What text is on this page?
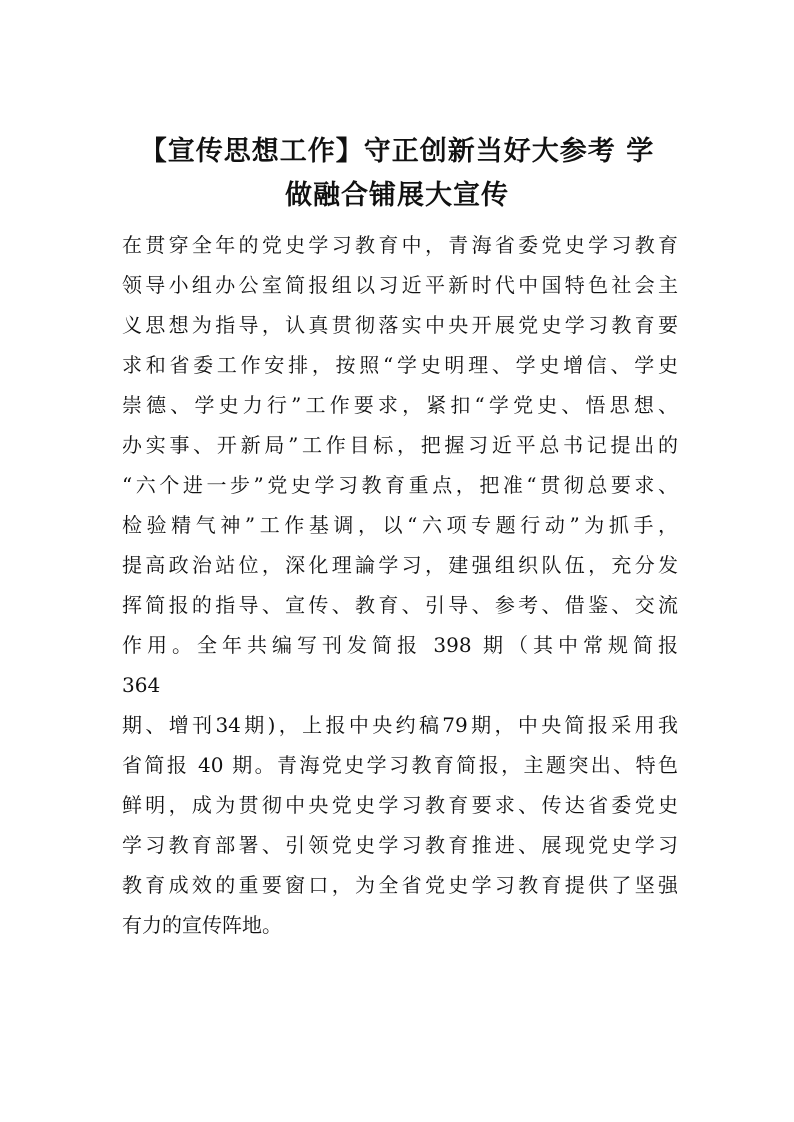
【宣传思想工作】守正创新当好大参考 学
做融合铺展大宣传
在贯穿全年的党史学习教育中，青海省委党史学习教育
领导小组办公室简报组以习近平新时代中国特色社会主
义思想为指导，认真贯彻落实中央开展党史学习教育要
求和省委工作安排，按照“学史明理、学史增信、学史
崇德、学史力行”工作要求，紧扣“学党史、悟思想、
办实事、开新局”工作目标，把握习近平总书记提出的
“六个进一步”党史学习教育重点，把准“贯彻总要求、
检验精气神”工作基调，以“六项专题行动”为抓手，
提高政治站位，深化理論学习，建强组织队伍，充分发
挥简报的指导、宣传、教育、引导、参考、借鉴、交流
作用。全年共编写刊发简报 398 期（其中常规简报
364
期、增刊34期)，上报中央约稿79期，中央简报采用我
省简报 40 期。青海党史学习教育简报，主题突出、特色
鲜明，成为贯彻中央党史学习教育要求、传达省委党史
学习教育部署、引领党史学习教育推进、展现党史学习
教育成效的重要窗口，为全省党史学习教育提供了坚强
有力的宣传阵地。
